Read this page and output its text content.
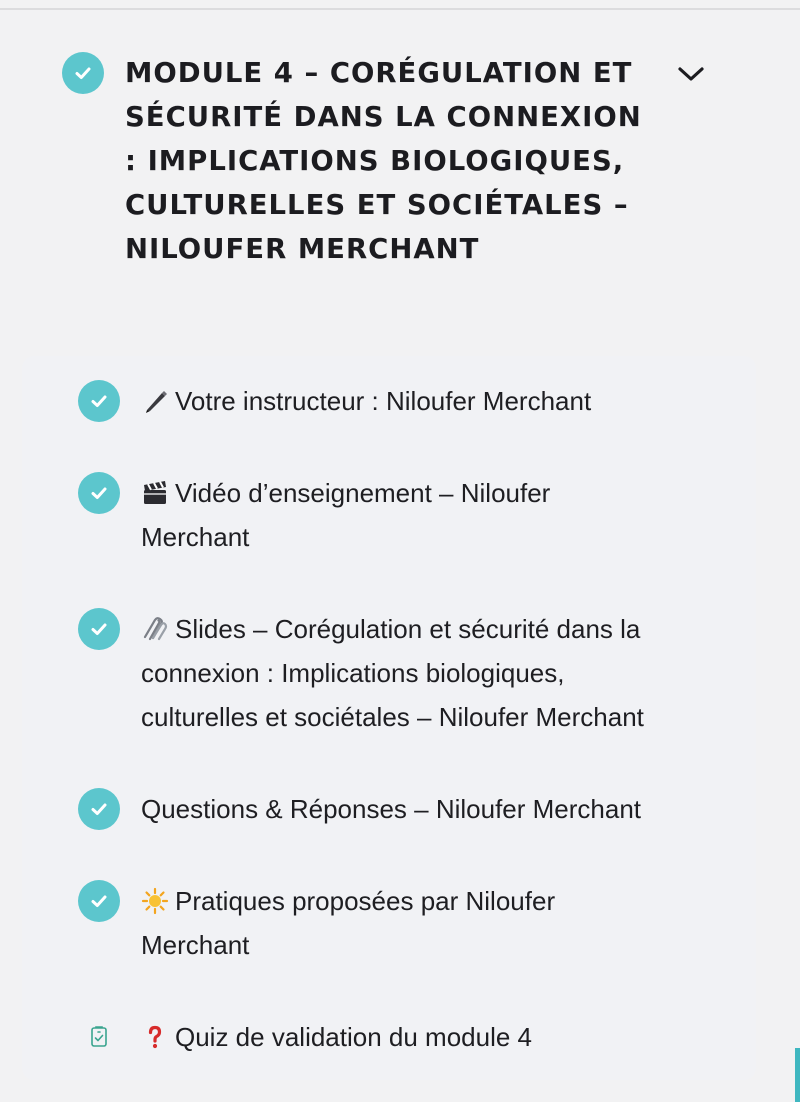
MODULE 4 – CORÉGULATION ET SÉCURITÉ DANS LA CONNEXION : IMPLICATIONS BIOLOGIQUES, CULTURELLES ET SOCIÉTALES – NILOUFER MERCHANT
Votre instructeur : Niloufer Merchant
Vidéo d’enseignement – Niloufer
Merchant
Slides – Corégulation et sécurité dans la
connexion : Implications biologiques,
culturelles et sociétales – Niloufer Merchant
Questions & Réponses – Niloufer Merchant
Pratiques proposées par Niloufer
Merchant
Quiz de validation du module 4
